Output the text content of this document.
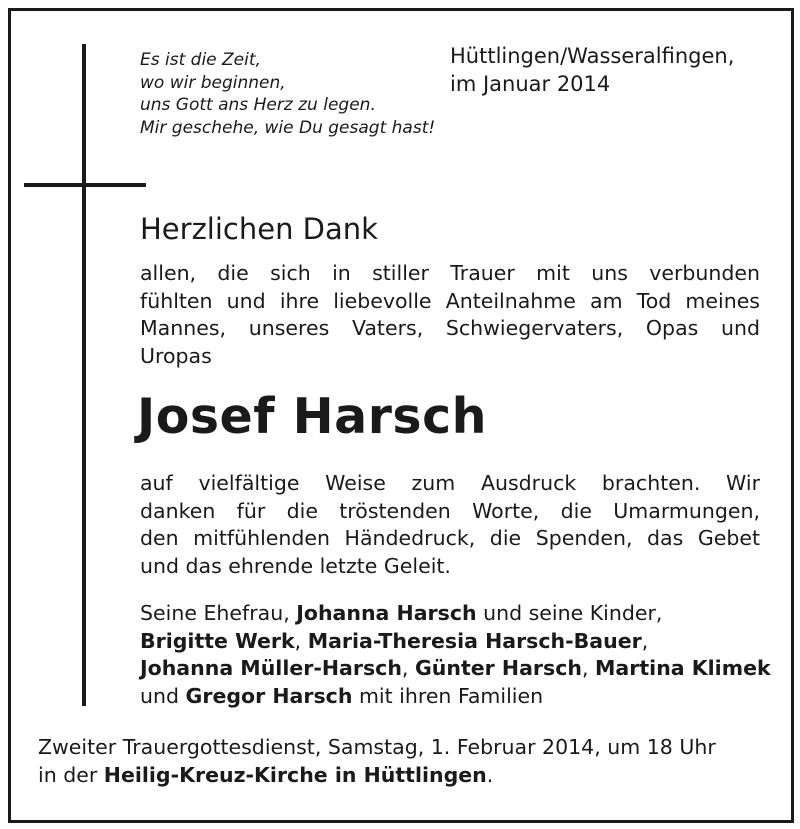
Es ist die Zeit,
wo wir beginnen,
uns Gott ans Herz zu legen.
Mir geschehe, wie Du gesagt hast!
Hüttlingen/Wasseralfingen,
im Januar 2014
Herzlichen Dank
allen, die sich in stiller Trauer mit uns verbunden
fühlten und ihre liebevolle Anteilnahme am Tod meines
Mannes, unseres Vaters, Schwiegervaters, Opas und
Uropas
Josef Harsch
auf vielfältige Weise zum Ausdruck brachten. Wir
danken für die tröstenden Worte, die Umarmungen,
den mitfühlenden Händedruck, die Spenden, das Gebet
und das ehrende letzte Geleit.
Seine Ehefrau, Johanna Harsch und seine Kinder,
Brigitte Werk, Maria-Theresia Harsch-Bauer,
Johanna Müller-Harsch, Günter Harsch, Martina Klimek
und Gregor Harsch mit ihren Familien
Zweiter Trauergottesdienst, Samstag, 1. Februar 2014, um 18 Uhr
in der Heilig-Kreuz-Kirche in Hüttlingen.
